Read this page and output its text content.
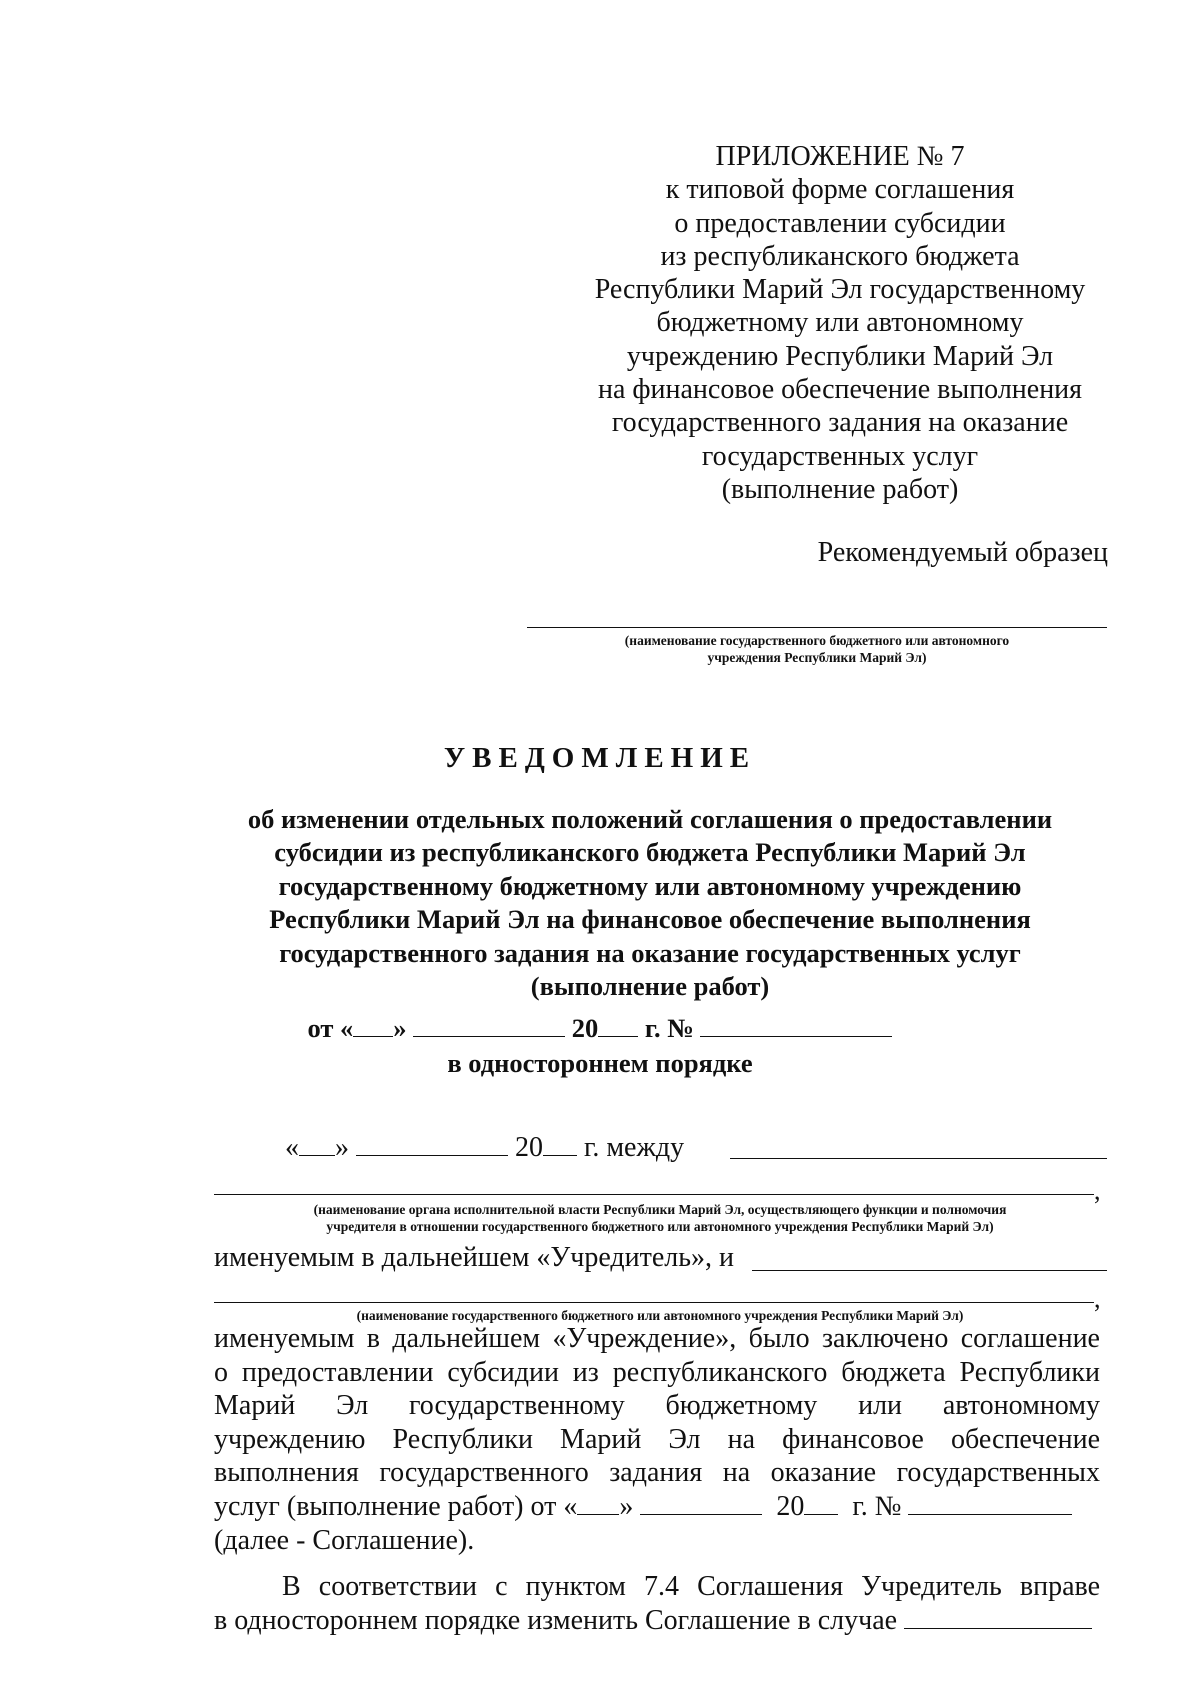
ПРИЛОЖЕНИЕ № 7
к типовой форме соглашения
о предоставлении субсидии
из республиканского бюджета
Республики Марий Эл государственному
бюджетному или автономному
учреждению Республики Марий Эл
на финансовое обеспечение выполнения
государственного задания на оказание
государственных услуг
(выполнение работ)
Рекомендуемый образец
(наименование государственного бюджетного или автономного
учреждения Республики Марий Эл)
УВЕДОМЛЕНИЕ
об изменении отдельных положений соглашения о предоставлении
субсидии из республиканского бюджета Республики Марий Эл
государственному бюджетному или автономному учреждению
Республики Марий Эл на финансовое обеспечение выполнения
государственного задания на оказание государственных услуг
(выполнение работ)
от « »	20 г. №
в одностороннем порядке
« »	20 г. между
,
(наименование органа исполнительной власти Республики Марий Эл, осуществляющего функции и полномочия
учредителя в отношении государственного бюджетного или автономного учреждения Республики Марий Эл)
именуемым в дальнейшем «Учредитель», и
,
(наименование государственного бюджетного или автономного учреждения Республики Марий Эл)
именуемым в дальнейшем «Учреждение», было заключено соглашение
о предоставлении субсидии из республиканского бюджета Республики
Марий Эл государственному бюджетному или автономному
учреждению Республики Марий Эл на финансовое обеспечение
выполнения государственного задания на оказание государственных
услуг (выполнение работ) от « »	20 г. №
(далее - Соглашение).
В соответствии с пунктом 7.4 Соглашения Учредитель вправе
в одностороннем порядке изменить Соглашение в случае
